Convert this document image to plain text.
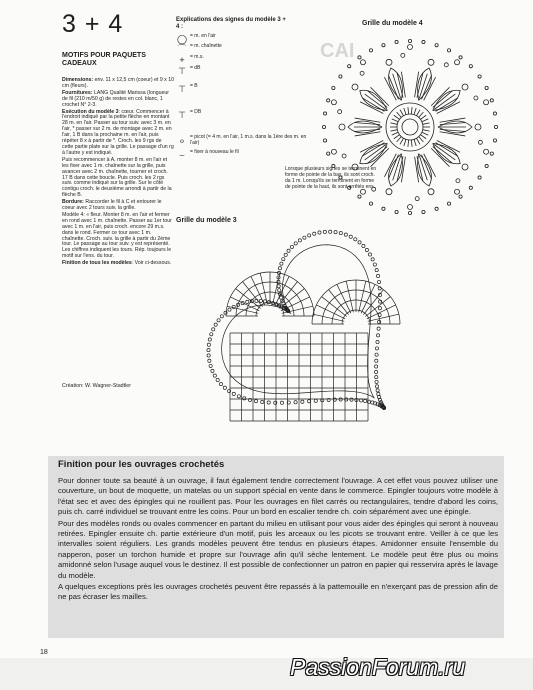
3 + 4
MOTIFS POUR PAQUETS CADEAUX

Dimensions: env. 11 x 12,5 cm (coeur) et 9 x 10 cm (fleurs).

Fournitures: LANG Qualité Marissa (longueur de fil (210 m/50 g) de restes en col. blanc, 1 crochet N° 2-3.

Exécution du modèle 3: cœur. Commencer à l'endroit indiqué par la petite flèche en montant 28 m. en l'air. Passer au tour suiv. avec 3 m. en l'air, * passer sur 2 m. de montage avec 2 m. en l'air, 1 B dans la prochaine m. en l'air, puis répéter 8 x à partir de *. Croch. les 9 rgs de cette partie plate sur la grille. Le passage d'un rg à l'autre y est indiqué.

Puis recommencer à A, monter 8 m. en l'air et les fixer avec 1 m. chaînette sur la grille, puis avancer avec 2 m. chaînette, tourner et croch. 17 B dans cette boucle. Puis croch. les 2 rgs suiv. comme indiqué sur la grille. Sur le côté contigu croch. le deuxième arrondi à partir de la flèche B.

Bordure: Raccorder le fil à C et entourer le coeur avec 2 tours suiv. la grille.

Modèle 4: « fleur. Monter 8 m. en l'air et fermer en rond avec 1 m. chaînette. Passer au 1er tour avec 1 m. en l'air, puis croch. encore 29 m.s. dans le rond. Fermer ce tour avec 1 m. chaînette. Croch. suiv. la grille à partir du 2ème tour. Le passage au tour suiv. y est représenté. Les chiffres indiquent les tours. Rép. toujours le motif sur l'ens. du tour.

Finition de tous les modèles: Voir ci-dessous.

Création: W. Wagner-Stadtler
CAI
Explications des signes du modèle 3 + 4 :
◯ = m. en l'air
⌒ = m. chaînette
+	= m.s.
⊤ = dB
⊤ = B
⊤ = DB
ℴ	= picot (= 4 m. en l'air, 1 m.s. dans la 1ère des m. en l'air)
⌣	= fixer à nouveau le fil
Lorsque plusieurs signes se terminent en forme de pointe de la bas, ils sont croch. da 1 m. Lorsqu'ils se terminent en forme de pointe de la haut, ils sont arrêtés ens.
Grille du modèle 4
Grille du modèle 3
Finition pour les ouvrages crochetés

Pour donner toute sa beauté à un ouvrage, il faut également tendre correctement l'ouvrage. A cet effet vous pouvez utiliser une couverture, un bout de moquette, un matelas ou un support spécial en vente dans le commerce. Epingler toujours votre modèle à l'état sec et avec des épingles qui ne rouillent pas. Pour les ouvrages en filet carrés ou rectangulaires, tendre d'abord les coins, puis ch. carré individuel se trouvant entre les coins. Pour un bord en escalier tendre ch. coin séparément avec une épingle.

Pour des modèles ronds ou ovales commencer en partant du milieu en utilisant pour vous aider des épingles qui seront à nouveau retirées. Epingler ensuite ch. partie extérieure d'un motif, puis les arceaux ou les picots se trouvant entre. Veiller à ce que les intervalles soient réguliers. Les grands modèles peuvent être tendus en plusieurs étapes. Amidonner ensuite l'ensemble du napperon, poser un torchon humide et propre sur l'ouvrage afin qu'il sèche lentement. Le modèle peut être plus ou moins amidonné selon l'usage auquel vous le destinez. Il est possible de confectionner un patron en papier qui resservira après le lavage du modèle.

A quelques exceptions près les ouvrages crochetés peuvent être repassés à la pattemouille en n'exerçant pas de pression afin de ne pas écraser les mailles.

18
PassionForum.ru
